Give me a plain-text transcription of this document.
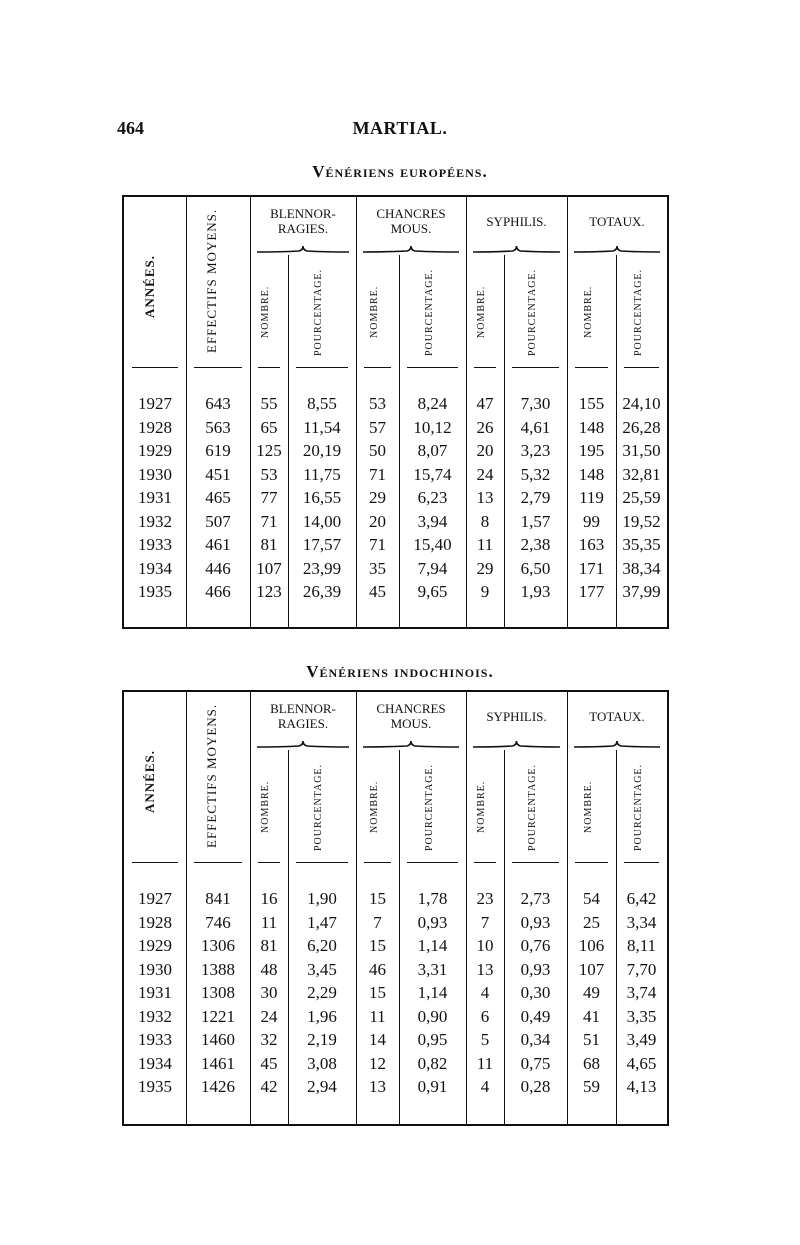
464	MARTIAL.
Vénériens européens.
ANNÉES.	EFFECTIFS MOYENS.	BLENNOR-
RAGIES.
NOMBRE.	POURCENTAGE.
CHANCRES
MOUS.
NOMBRE.	POURCENTAGE.
SYPHILIS.
NOMBRE.	POURCENTAGE.
TOTAUX.
NOMBRE.	POURCENTAGE.
1927	643	55	8,55	53	8,24	47	7,30	155	24,10
1928	563	65	11,54	57	10,12	26	4,61	148	26,28
1929	619	125	20,19	50	8,07	20	3,23	195	31,50
1930	451	53	11,75	71	15,74	24	5,32	148	32,81
1931	465	77	16,55	29	6,23	13	2,79	119	25,59
1932	507	71	14,00	20	3,94	8	1,57	99	19,52
1933	461	81	17,57	71	15,40	11	2,38	163	35,35
1934	446	107	23,99	35	7,94	29	6,50	171	38,34
1935	466	123	26,39	45	9,65	9	1,93	177	37,99
Vénériens indochinois.
ANNÉES.	EFFECTIFS MOYENS.	BLENNOR-
RAGIES.
NOMBRE.	POURCENTAGE.
CHANCRES
MOUS.
NOMBRE.	POURCENTAGE.
SYPHILIS.
NOMBRE.	POURCENTAGE.
TOTAUX.
NOMBRE.	POURCENTAGE.
1927	841	16	1,90	15	1,78	23	2,73	54	6,42
1928	746	11	1,47	7	0,93	7	0,93	25	3,34
1929	1306	81	6,20	15	1,14	10	0,76	106	8,11
1930	1388	48	3,45	46	3,31	13	0,93	107	7,70
1931	1308	30	2,29	15	1,14	4	0,30	49	3,74
1932	1221	24	1,96	11	0,90	6	0,49	41	3,35
1933	1460	32	2,19	14	0,95	5	0,34	51	3,49
1934	1461	45	3,08	12	0,82	11	0,75	68	4,65
1935	1426	42	2,94	13	0,91	4	0,28	59	4,13
